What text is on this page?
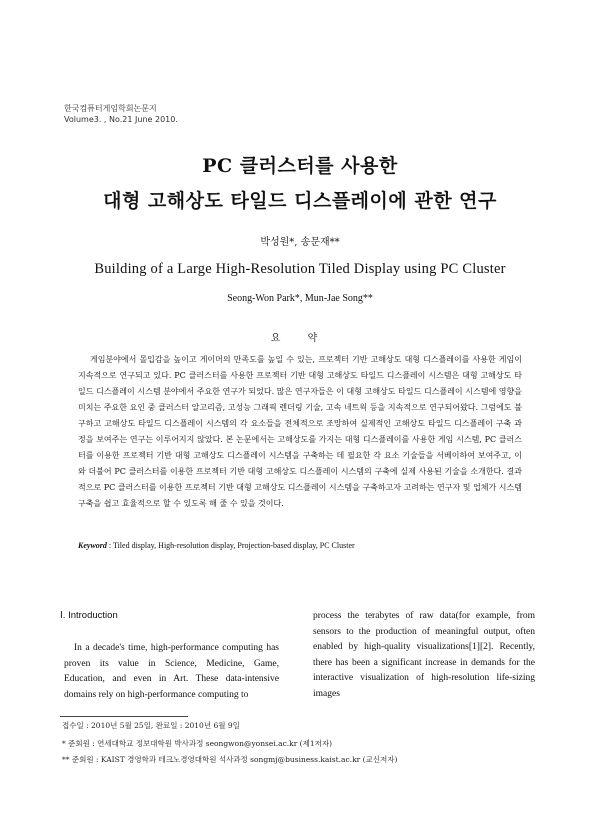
한국컴퓨터게임학회논문지
Volume3. , No.21 June 2010.
PC 클러스터를 사용한
대형 고해상도 타일드 디스플레이에 관한 연구
박성원*, 송문재**
Building of a Large High-Resolution Tiled Display using PC Cluster
Seong-Won Park*, Mun-Jae Song**
요 약

게임분야에서 몰입감을 높이고 게이머의 만족도를 높일 수 있는, 프로젝터 기반 고해상도 대형 디스플레이를 사용한 게임이 지속적으로 연구되고 있다. PC 클러스터를 사용한 프로젝터 기반 대형 고해상도 타일드 디스플레이 시스템은 대형 고해상도 타일드 디스플레이 시스템 분야에서 주요한 연구가 되었다. 많은 연구자들은 이 대형 고해상도 타일드 디스플레이 시스템에 영향을 미치는 주요한 요인 중 클러스터 알고리즘, 고성능 그래픽 렌더링 기술, 고속 네트웍 등을 지속적으로 연구되어왔다. 그럼에도 불구하고 고해상도 타일드 디스플레이 시스템의 각 요소들을 전체적으로 조망하여 실제적인 고해상도 타일드 디스플레이 구축 과정을 보여주는 연구는 이루어지지 않았다. 본 논문에서는 고해상도를 가지는 대형 디스플레이를 사용한 게임 시스템, PC 클러스터를 이용한 프로젝터 기반 대형 고해상도 디스플레이 시스템을 구축하는 데 필요한 각 요소 기술들을 서베이하여 보여주고, 이와 더불어 PC 클러스터를 이용한 프로젝터 기반 대형 고해상도 디스플레이 시스템의 구축에 실제 사용된 기술을 소개한다. 결과적으로 PC 클러스터를 이용한 프로젝터 기반 대형 고해상도 디스플레이 시스템을 구축하고자 고려하는 연구자 및 업체가 시스템 구축을 쉽고 효율적으로 할 수 있도록 해 줄 수 있을 것이다.

Keyword : Tiled display, High-resolution display, Projection-based display, PC Cluster
Ⅰ. Introduction

In a decade's time, high-performance computing has proven its value in Science, Medicine, Game, Education, and even in Art. These data-intensive domains rely on high-performance computing to

process the terabytes of raw data(for example, from sensors to the production of meaningful output, often enabled by high-quality visualizations[1][2]. Recently, there has been a significant increase in demands for the interactive visualization of high-resolution life-sizing images

접수일 : 2010년 5월 25일, 완료일 : 2010년 6월 9일
* 준회원 : 연세대학교 정보대학원 박사과정 seongwon@yonsei.ac.kr (제1저자)
** 준회원 : KAIST 경영학과 테크노경영대학원 석사과정 songmj@business.kaist.ac.kr (교신저자)
